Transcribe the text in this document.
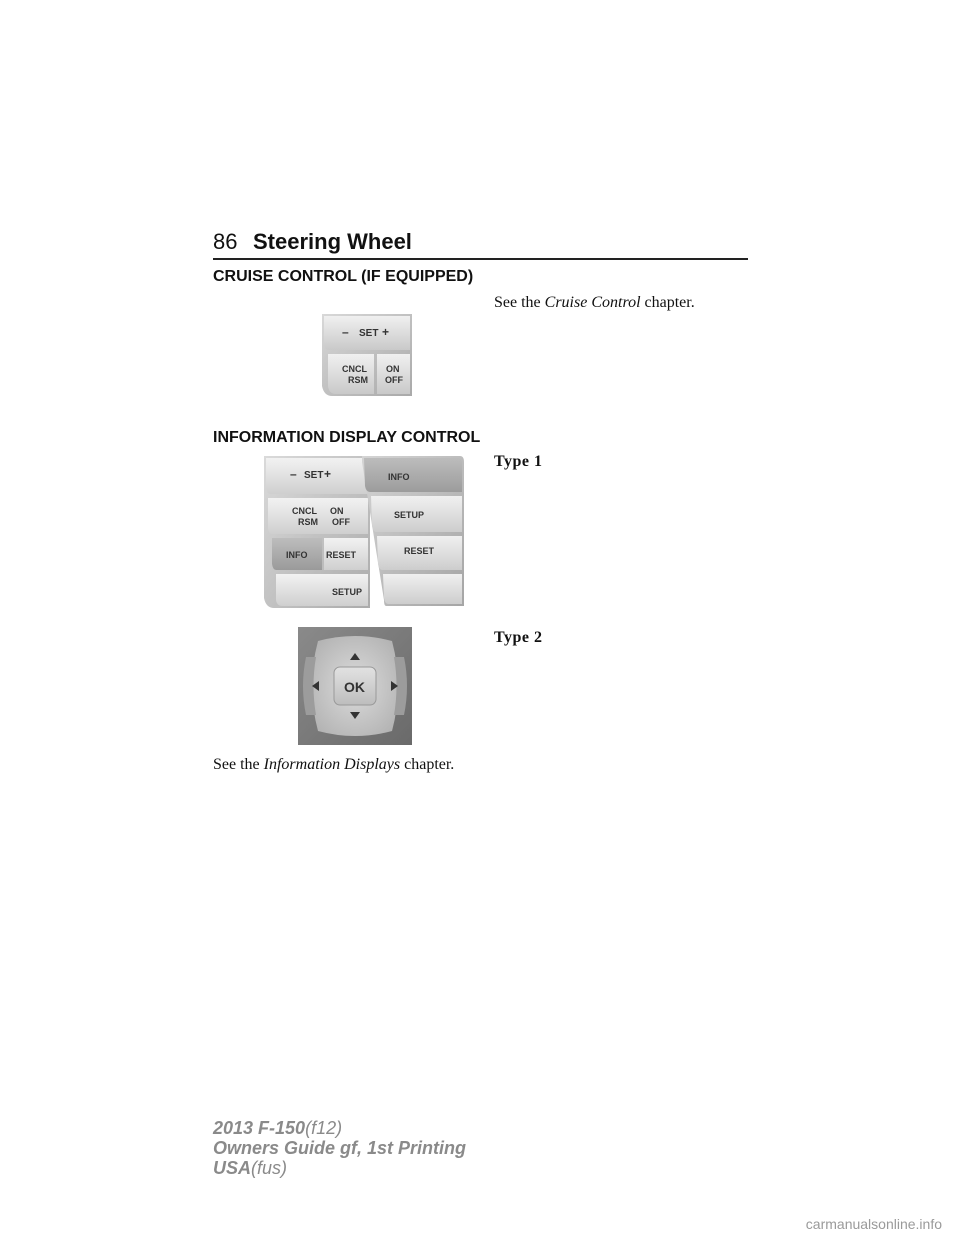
86 Steering Wheel
CRUISE CONTROL (IF EQUIPPED)
See the Cruise Control chapter.
– SET +
CNCL
RSM
ON
OFF
INFORMATION DISPLAY CONTROL
Type 1
– SET +
CNCL
RSM
ON
OFF
INFO RESET
SETUP
INFO
SETUP
RESET
Type 2
OK
See the Information Displays chapter.
2013 F-150(f12)
Owners Guide gf, 1st Printing
USA(fus)
carmanualsonline.info
